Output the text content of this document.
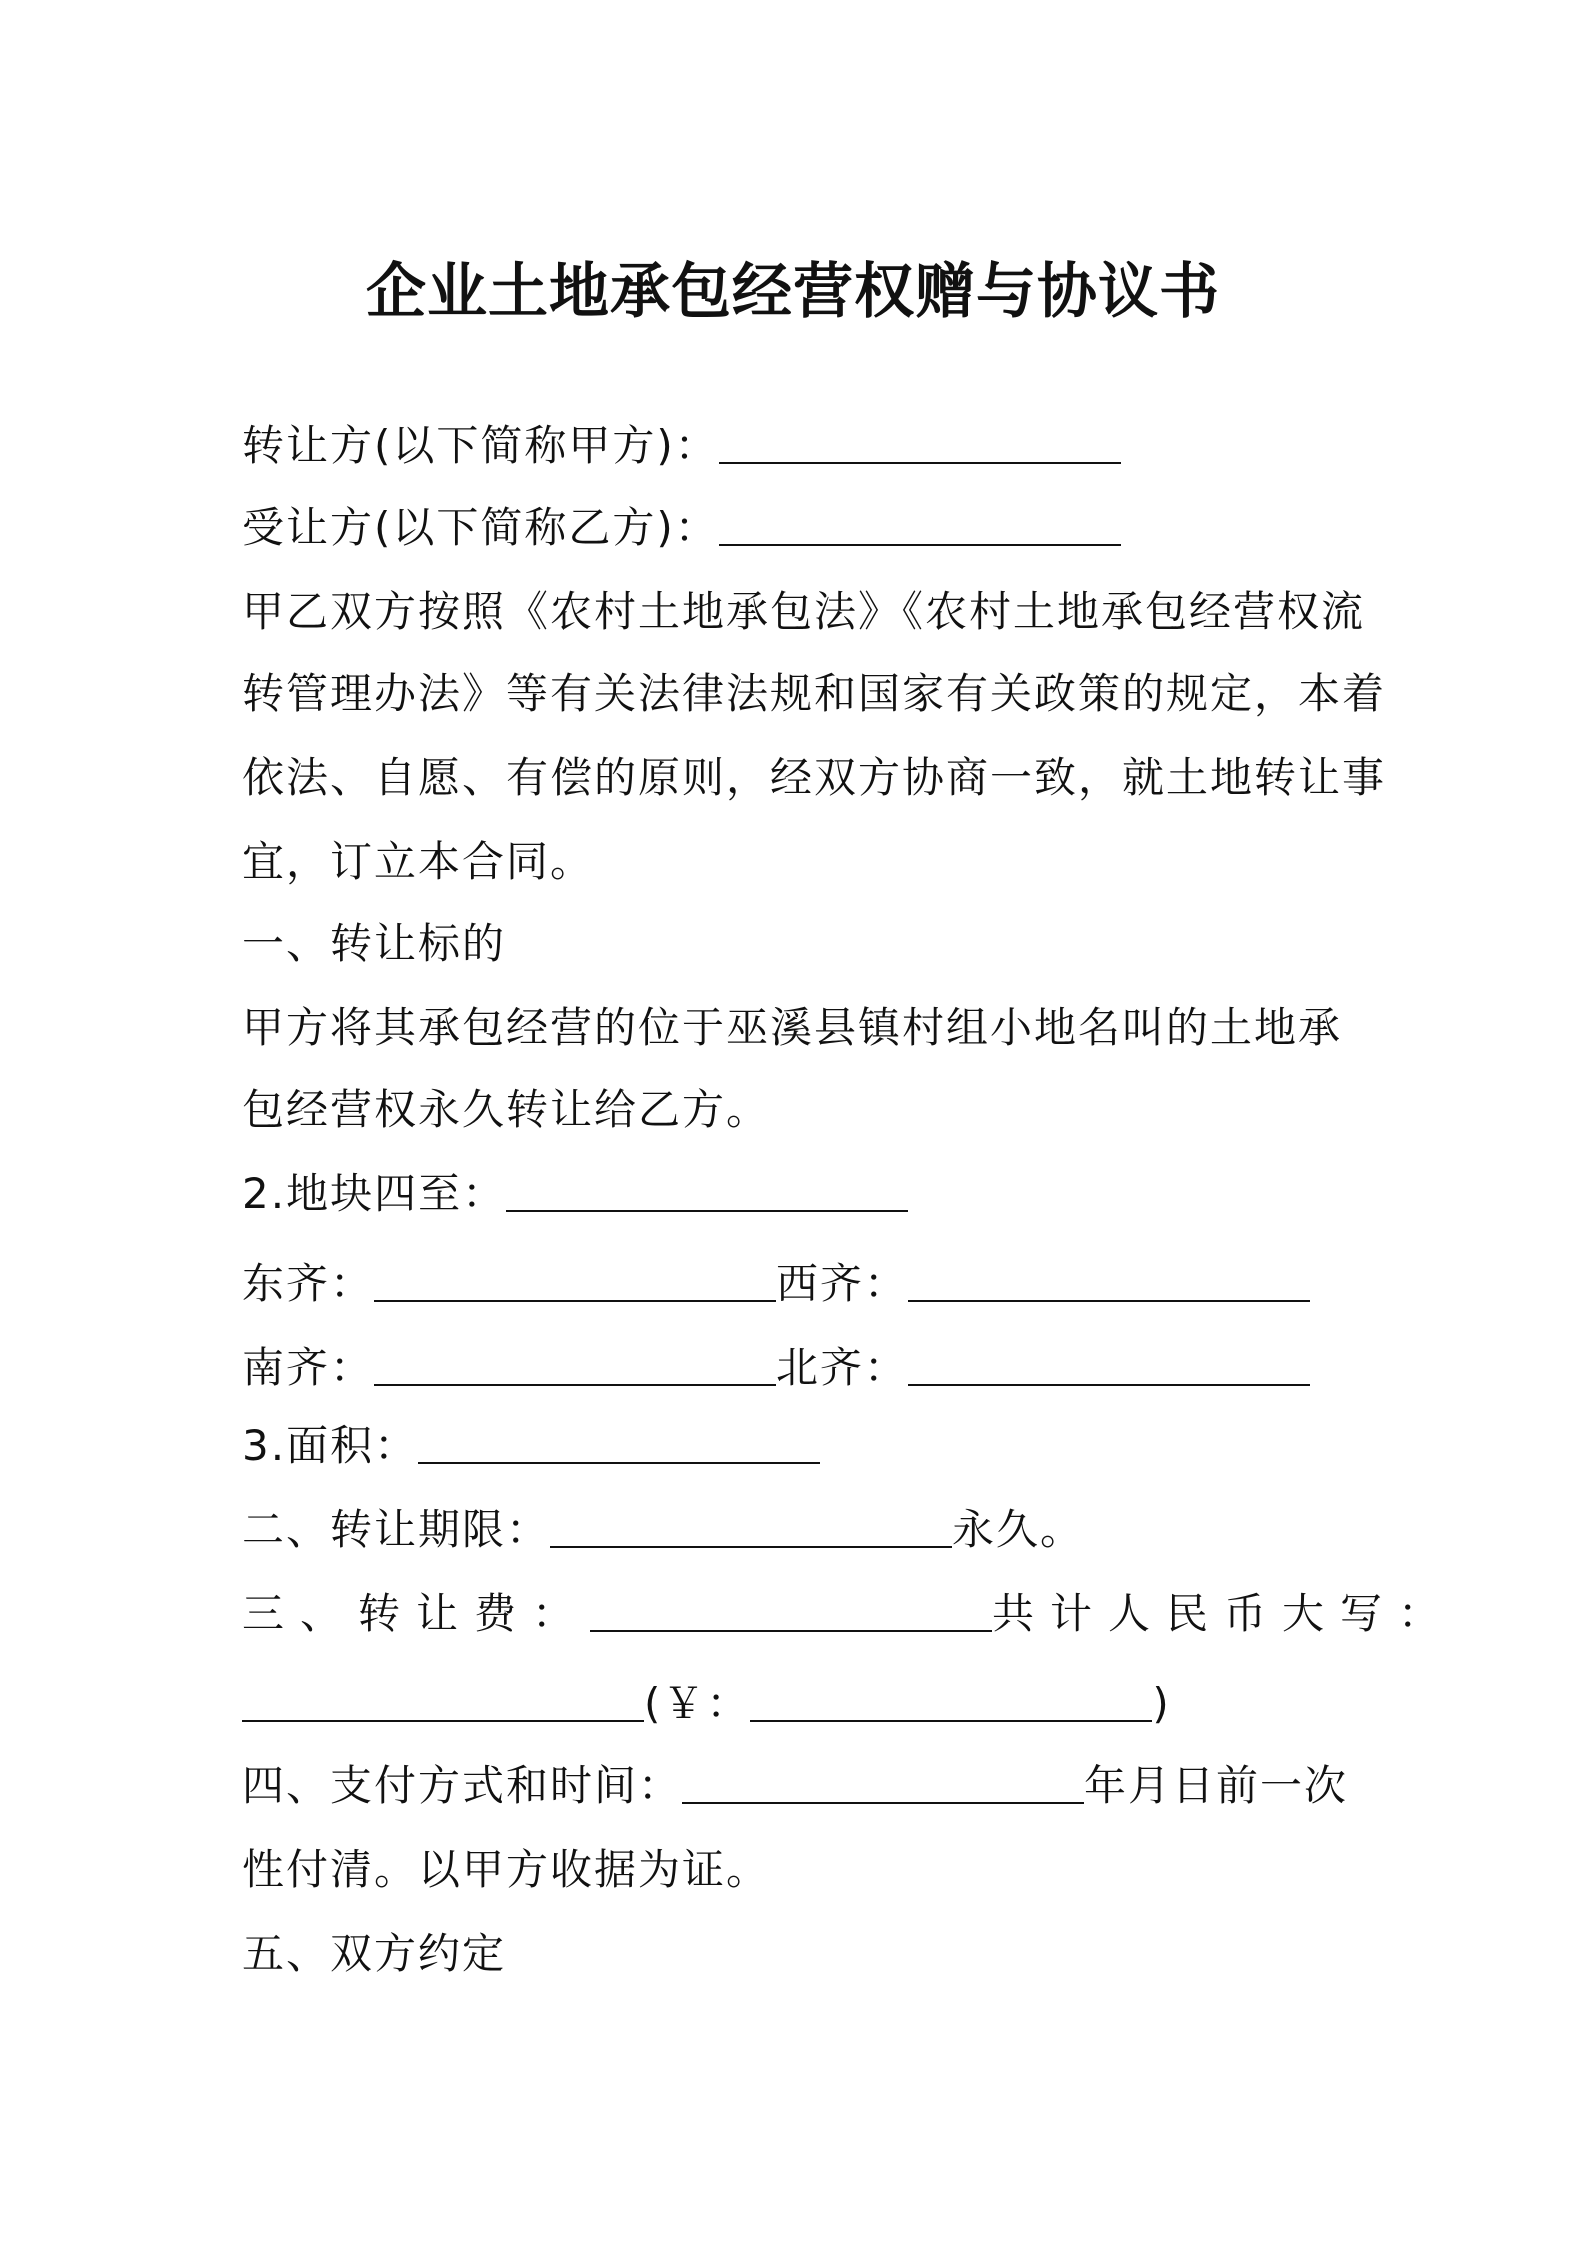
企业土地承包经营权赠与协议书
转让方(以下简称甲方)：
受让方(以下简称乙方)：
甲乙双方按照《农村土地承包法》《农村土地承包经营权流
转管理办法》等有关法律法规和国家有关政策的规定，本着
依法、自愿、有偿的原则，经双方协商一致，就土地转让事
宜，订立本合同。
一、转让标的
甲方将其承包经营的位于巫溪县镇村组小地名叫的土地承
包经营权永久转让给乙方。
2.地块四至：
东齐：	西齐：
南齐：	北齐：
3.面积：
二、转让期限：	永久。
三、转让费：	共计人民币大写：
(￥：	)
四、支付方式和时间：	年月日前一次
性付清。以甲方收据为证。
五、双方约定
